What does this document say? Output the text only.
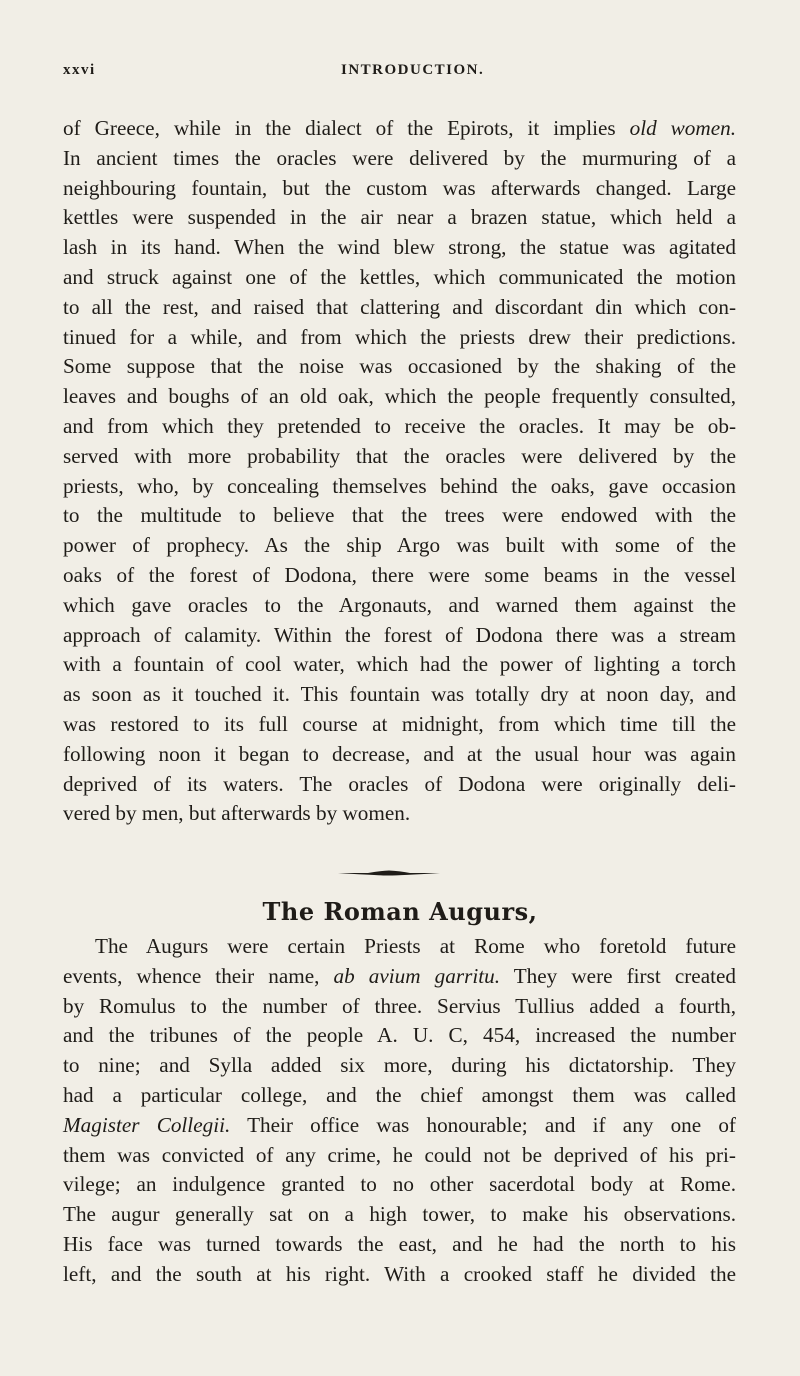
xxvi	INTRODUCTION.
of Greece, while in the dialect of the Epirots, it implies old women.
In ancient times the oracles were delivered by the murmuring of a
neighbouring fountain, but the custom was afterwards changed. Large
kettles were suspended in the air near a brazen statue, which held a
lash in its hand. When the wind blew strong, the statue was agitated
and struck against one of the kettles, which communicated the motion
to all the rest, and raised that clattering and discordant din which con-
tinued for a while, and from which the priests drew their predictions.
Some suppose that the noise was occasioned by the shaking of the
leaves and boughs of an old oak, which the people frequently consulted,
and from which they pretended to receive the oracles. It may be ob-
served with more probability that the oracles were delivered by the
priests, who, by concealing themselves behind the oaks, gave occasion
to the multitude to believe that the trees were endowed with the
power of prophecy. As the ship Argo was built with some of the
oaks of the forest of Dodona, there were some beams in the vessel
which gave oracles to the Argonauts, and warned them against the
approach of calamity. Within the forest of Dodona there was a stream
with a fountain of cool water, which had the power of lighting a torch
as soon as it touched it. This fountain was totally dry at noon day, and
was restored to its full course at midnight, from which time till the
following noon it began to decrease, and at the usual hour was again
deprived of its waters. The oracles of Dodona were originally deli-
vered by men, but afterwards by women.
The Roman Augurs,
The Augurs were certain Priests at Rome who foretold future
events, whence their name, ab avium garritu. They were first created
by Romulus to the number of three. Servius Tullius added a fourth,
and the tribunes of the people A. U. C, 454, increased the number
to nine; and Sylla added six more, during his dictatorship. They
had a particular college, and the chief amongst them was called
Magister Collegii. Their office was honourable; and if any one of
them was convicted of any crime, he could not be deprived of his pri-
vilege; an indulgence granted to no other sacerdotal body at Rome.
The augur generally sat on a high tower, to make his observations.
His face was turned towards the east, and he had the north to his
left, and the south at his right. With a crooked staff he divided the
